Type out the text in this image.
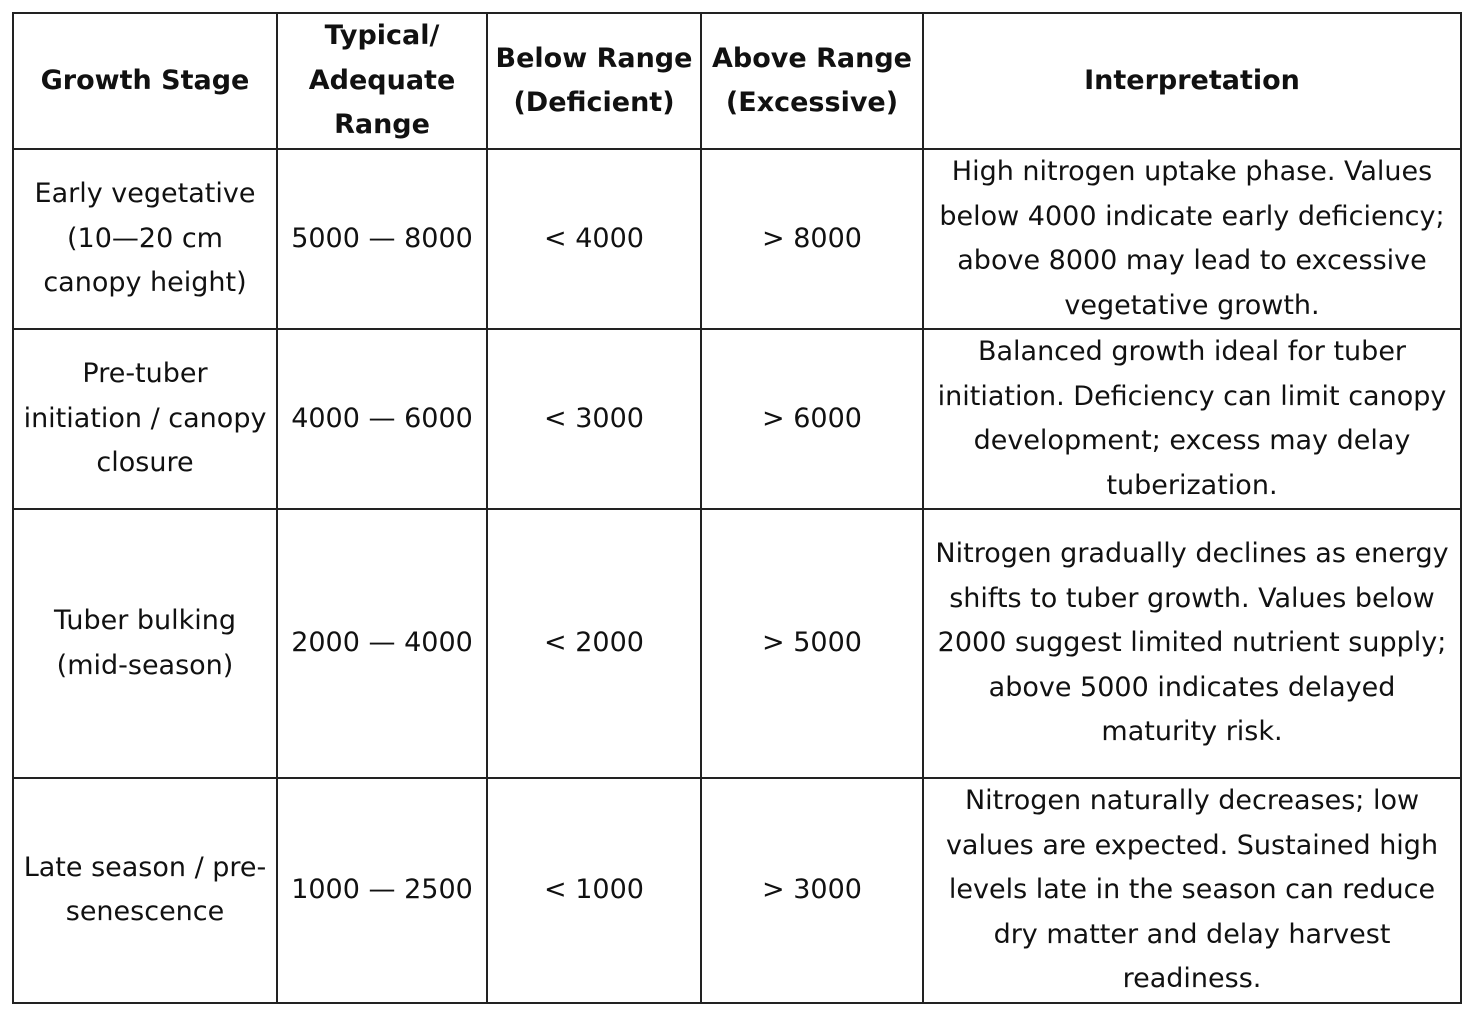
Growth Stage	Typical/ Adequate Range	Below Range (Deficient)	Above Range (Excessive)	Interpretation
Early vegetative (10—20 cm canopy height)	5000 — 8000	< 4000	> 8000	High nitrogen uptake phase. Values below 4000 indicate early deficiency; above 8000 may lead to excessive vegetative growth.
Pre-tuber initiation / canopy closure	4000 — 6000	< 3000	> 6000	Balanced growth ideal for tuber initiation. Deficiency can limit canopy development; excess may delay tuberization.
Tuber bulking (mid-season)	2000 — 4000	< 2000	> 5000	Nitrogen gradually declines as energy shifts to tuber growth. Values below 2000 suggest limited nutrient supply; above 5000 indicates delayed maturity risk.
Late season / pre-senescence	1000 — 2500	< 1000	> 3000	Nitrogen naturally decreases; low values are expected. Sustained high levels late in the season can reduce dry matter and delay harvest readiness.
